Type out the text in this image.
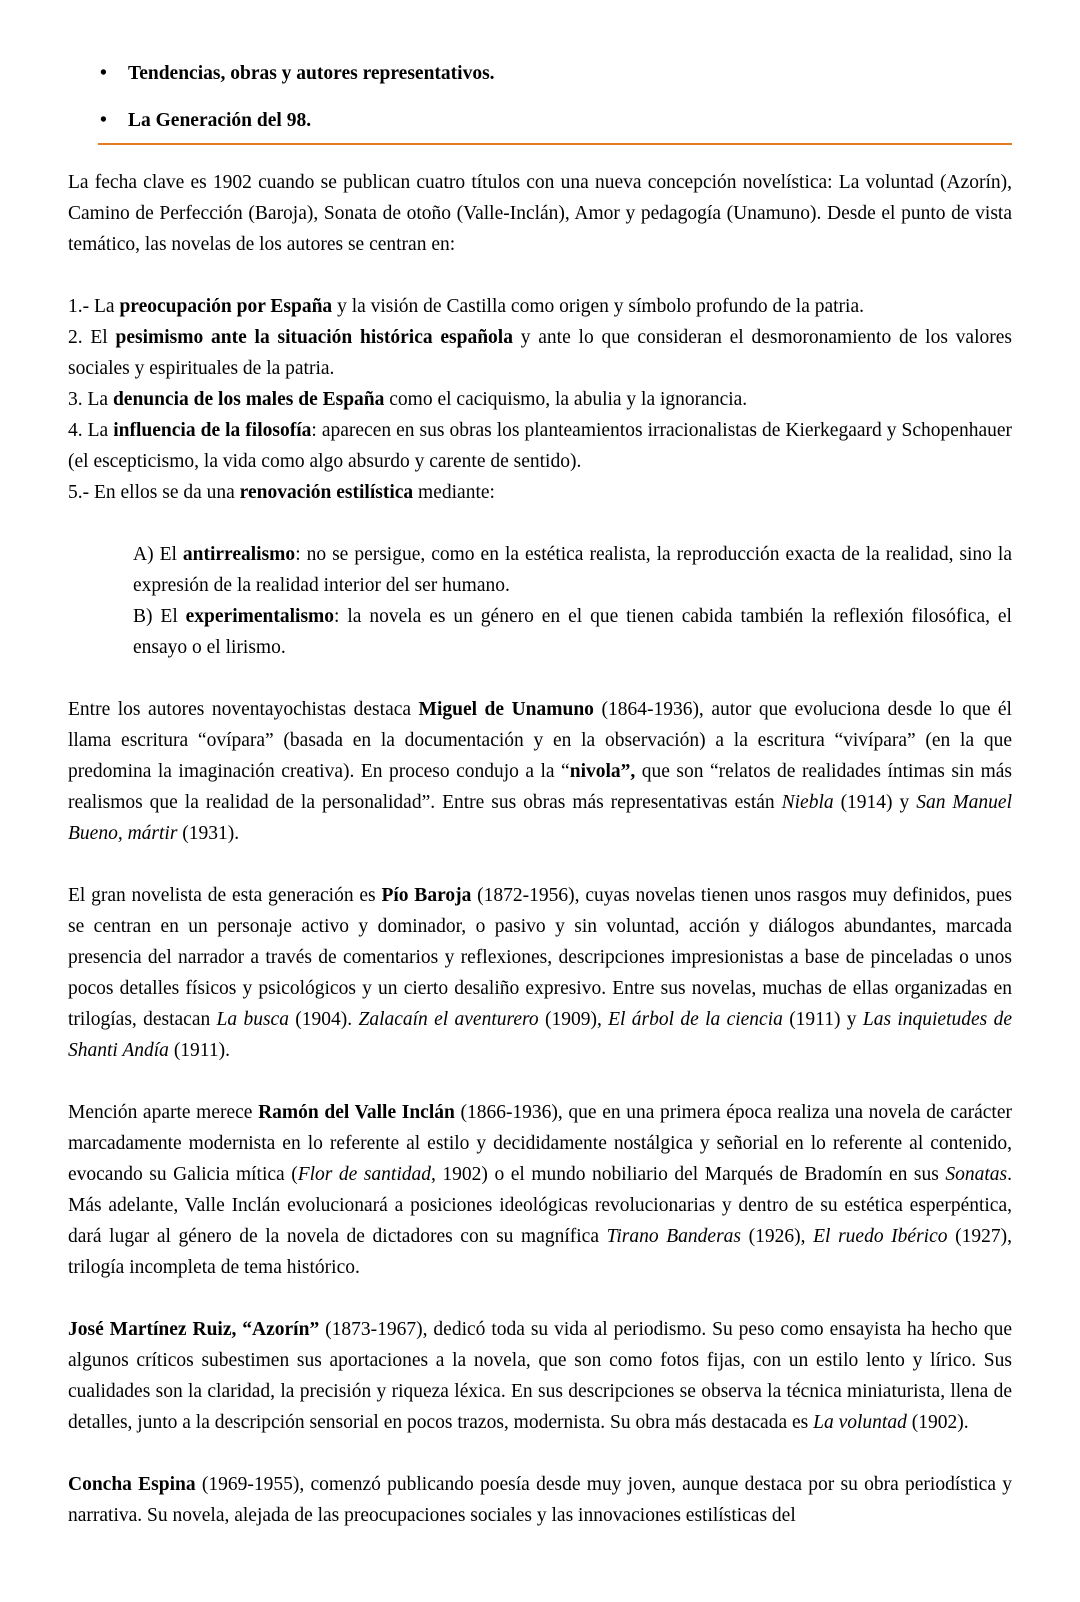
• Tendencias, obras y autores representativos.
• La Generación del 98.

La fecha clave es 1902 cuando se publican cuatro títulos con una nueva concepción novelística: La voluntad (Azorín), Camino de Perfección (Baroja), Sonata de otoño (Valle-Inclán), Amor y pedagogía (Unamuno). Desde el punto de vista temático, las novelas de los autores se centran en:

1.- La preocupación por España y la visión de Castilla como origen y símbolo profundo de la patria.

2. El pesimismo ante la situación histórica española y ante lo que consideran el desmoronamiento de los valores sociales y espirituales de la patria.

3. La denuncia de los males de España como el caciquismo, la abulia y la ignorancia.

4. La influencia de la filosofía: aparecen en sus obras los planteamientos irracionalistas de Kierkegaard y Schopenhauer (el escepticismo, la vida como algo absurdo y carente de sentido).

5.- En ellos se da una renovación estilística mediante:

A) El antirrealismo: no se persigue, como en la estética realista, la reproducción exacta de la realidad, sino la expresión de la realidad interior del ser humano.

B) El experimentalismo: la novela es un género en el que tienen cabida también la reflexión filosófica, el ensayo o el lirismo.

Entre los autores noventayochistas destaca Miguel de Unamuno (1864-1936), autor que evoluciona desde lo que él llama escritura “ovípara” (basada en la documentación y en la observación) a la escritura “vivípara” (en la que predomina la imaginación creativa). En proceso condujo a la “nivola”, que son “relatos de realidades íntimas sin más realismos que la realidad de la personalidad”. Entre sus obras más representativas están Niebla (1914) y San Manuel Bueno, mártir (1931).

El gran novelista de esta generación es Pío Baroja (1872-1956), cuyas novelas tienen unos rasgos muy definidos, pues se centran en un personaje activo y dominador, o pasivo y sin voluntad, acción y diálogos abundantes, marcada presencia del narrador a través de comentarios y reflexiones, descripciones impresionistas a base de pinceladas o unos pocos detalles físicos y psicológicos y un cierto desaliño expresivo. Entre sus novelas, muchas de ellas organizadas en trilogías, destacan La busca (1904). Zalacaín el aventurero (1909), El árbol de la ciencia (1911) y Las inquietudes de Shanti Andía (1911).

Mención aparte merece Ramón del Valle Inclán (1866-1936), que en una primera época realiza una novela de carácter marcadamente modernista en lo referente al estilo y decididamente nostálgica y señorial en lo referente al contenido, evocando su Galicia mítica (Flor de santidad, 1902) o el mundo nobiliario del Marqués de Bradomín en sus Sonatas. Más adelante, Valle Inclán evolucionará a posiciones ideológicas revolucionarias y dentro de su estética esperpéntica, dará lugar al género de la novela de dictadores con su magnífica Tirano Banderas (1926), El ruedo Ibérico (1927), trilogía incompleta de tema histórico.

José Martínez Ruiz, “Azorín” (1873-1967), dedicó toda su vida al periodismo. Su peso como ensayista ha hecho que algunos críticos subestimen sus aportaciones a la novela, que son como fotos fijas, con un estilo lento y lírico. Sus cualidades son la claridad, la precisión y riqueza léxica. En sus descripciones se observa la técnica miniaturista, llena de detalles, junto a la descripción sensorial en pocos trazos, modernista. Su obra más destacada es La voluntad (1902).

Concha Espina (1969-1955), comenzó publicando poesía desde muy joven, aunque destaca por su obra periodística y narrativa. Su novela, alejada de las preocupaciones sociales y las innovaciones estilísticas del
